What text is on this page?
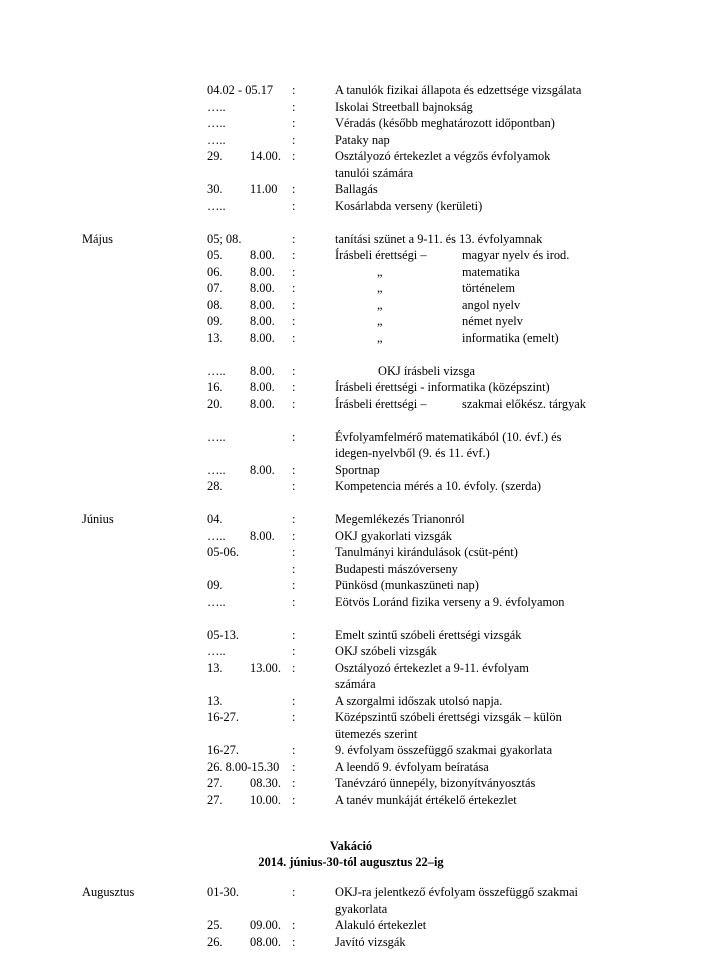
04.02 - 05.17 :	A tanulók fizikai állapota és edzettsége vizsgálata
…..	:	Iskolai Streetball bajnokság
…..	:	Véradás (később meghatározott időpontban)
…..	:	Pataky nap
29. 14.00. :	Osztályozó értekezlet a végzős évfolyamok
tanulói számára
30. 11.00 :	Ballagás
…..	:	Kosárlabda verseny (kerületi)
Május	05; 08.	:	tanítási szünet a 9-11. és 13. évfolyamnak
05. 8.00. :	Írásbeli érettségi –	magyar nyelv és irod.
06. 8.00. :	„	matematika
07. 8.00. :	„	történelem
08. 8.00. :	„	angol nyelv
09. 8.00. :	„	német nyelv
13. 8.00. :	„	informatika (emelt)
….. 8.00. :	OKJ írásbeli vizsga
16. 8.00. :	Írásbeli érettségi - informatika (középszint)
20. 8.00. :	Írásbeli érettségi –	szakmai előkész. tárgyak
…..	:	Évfolyamfelmérő matematikából (10. évf.) és
idegen-nyelvből (9. és 11. évf.)
….. 8.00. :	Sportnap
28.	:	Kompetencia mérés a 10. évfoly. (szerda)
Június	04.	:	Megemlékezés Trianonról
….. 8.00. :	OKJ gyakorlati vizsgák
05-06.	:	Tanulmányi kirándulások (csüt-pént)
:	Budapesti mászóverseny
09.	:	Pünkösd (munkaszüneti nap)
…..	:	Eötvös Loránd fizika verseny a 9. évfolyamon
05-13.	:	Emelt szintű szóbeli érettségi vizsgák
…..	:	OKJ szóbeli vizsgák
13. 13.00. :	Osztályozó értekezlet a 9-11. évfolyam
számára
13.	:	A szorgalmi időszak utolsó napja.
16-27.	:	Középszintű szóbeli érettségi vizsgák – külön
ütemezés szerint
16-27.	:	9. évfolyam összefüggő szakmai gyakorlata
26. 8.00-15.30 :	A leendő 9. évfolyam beíratása
27. 08.30. :	Tanévzáró ünnepély, bizonyítványosztás
27. 10.00. :	A tanév munkáját értékelő értekezlet
Vakáció
2014. június-30-tól augusztus 22–ig
Augusztus	01-30.	:	OKJ-ra jelentkező évfolyam összefüggő szakmai
gyakorlata
25. 09.00. :	Alakuló értekezlet
26. 08.00. :	Javító vizsgák
